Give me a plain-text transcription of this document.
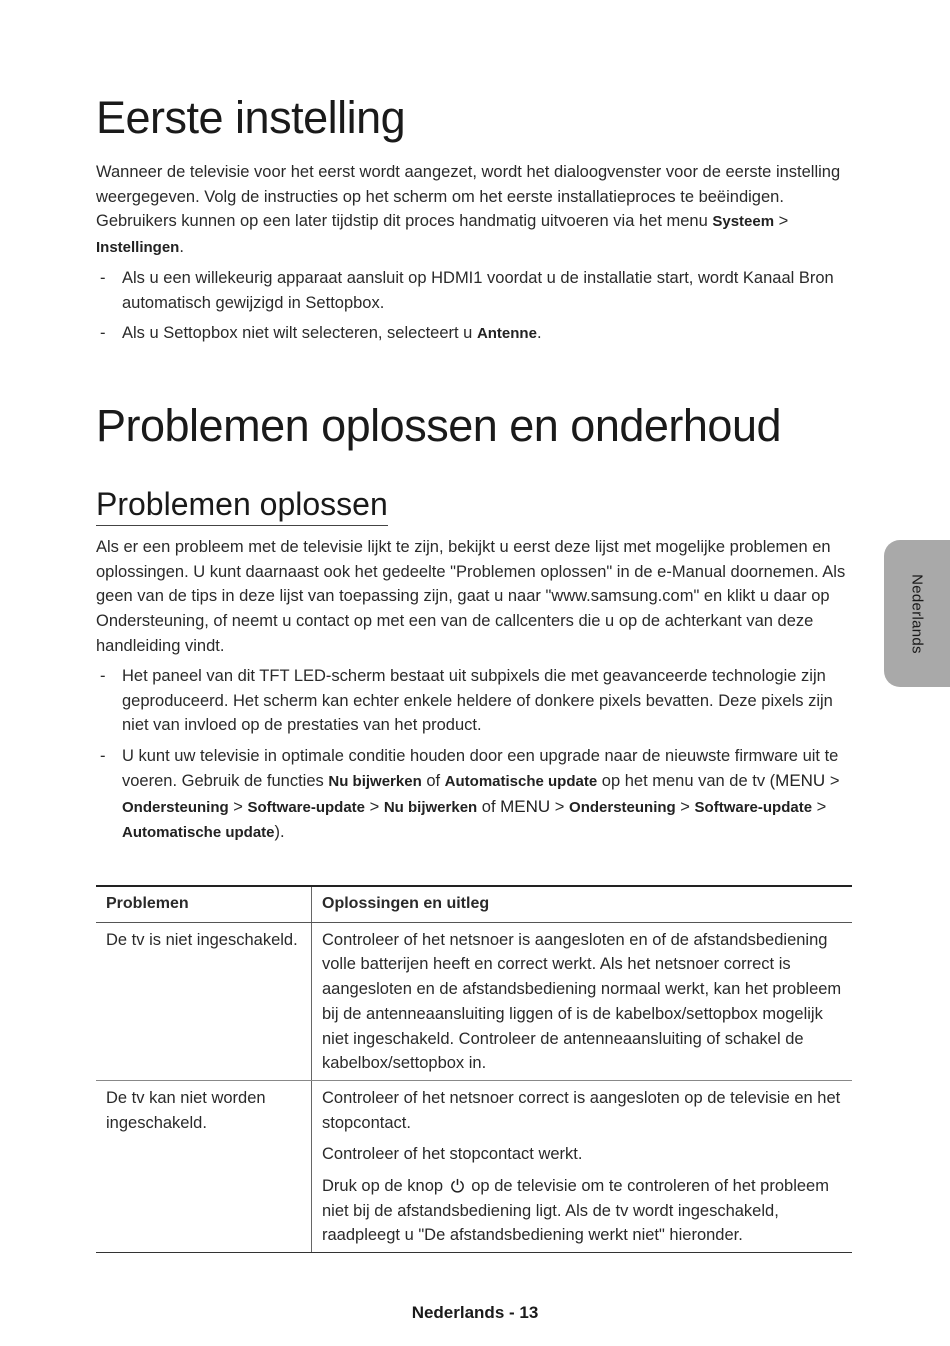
Eerste instelling

Wanneer de televisie voor het eerst wordt aangezet, wordt het dialoogvenster voor de eerste instelling weergegeven. Volg de instructies op het scherm om het eerste installatieproces te beëindigen. Gebruikers kunnen op een later tijdstip dit proces handmatig uitvoeren via het menu Systeem >
Instellingen.

- Als u een willekeurig apparaat aansluit op HDMI1 voordat u de installatie start, wordt Kanaal Bron automatisch gewijzigd in Settopbox.
- Als u Settopbox niet wilt selecteren, selecteert u Antenne.
Problemen oplossen en onderhoud
Problemen oplossen

Als er een probleem met de televisie lijkt te zijn, bekijkt u eerst deze lijst met mogelijke problemen en oplossingen. U kunt daarnaast ook het gedeelte "Problemen oplossen" in de e-Manual doornemen. Als geen van de tips in deze lijst van toepassing zijn, gaat u naar "www.samsung.com" en klikt u daar op Ondersteuning, of neemt u contact op met een van de callcenters die u op de achterkant van deze handleiding vindt.

- Het paneel van dit TFT LED-scherm bestaat uit subpixels die met geavanceerde technologie zijn geproduceerd. Het scherm kan echter enkele heldere of donkere pixels bevatten. Deze pixels zijn niet van invloed op de prestaties van het product.
- U kunt uw televisie in optimale conditie houden door een upgrade naar de nieuwste firmware uit te voeren. Gebruik de functies Nu bijwerken of Automatische update op het menu van de tv (MENU >
Ondersteuning > Software-update > Nu bijwerken of MENU > Ondersteuning > Software-update >
Automatische update).
Problemen	Oplossingen en uitleg
De tv is niet ingeschakeld.	Controleer of het netsnoer is aangesloten en of de afstandsbediening volle batterijen heeft en correct werkt. Als het netsnoer correct is aangesloten en de afstandsbediening normaal werkt, kan het probleem bij de antenneaansluiting liggen of is de kabelbox/settopbox mogelijk niet ingeschakeld. Controleer de antenneaansluiting of schakel de kabelbox/settopbox in.

De tv kan niet worden ingeschakeld.	Controleer of het netsnoer correct is aangesloten op de televisie en het stopcontact.

Controleer of het stopcontact werkt.

Druk op de knop  op de televisie om te controleren of het probleem niet bij de afstandsbediening ligt. Als de tv wordt ingeschakeld, raadpleegt u "De afstandsbediening werkt niet" hieronder.

Nederlands
Nederlands - 13
